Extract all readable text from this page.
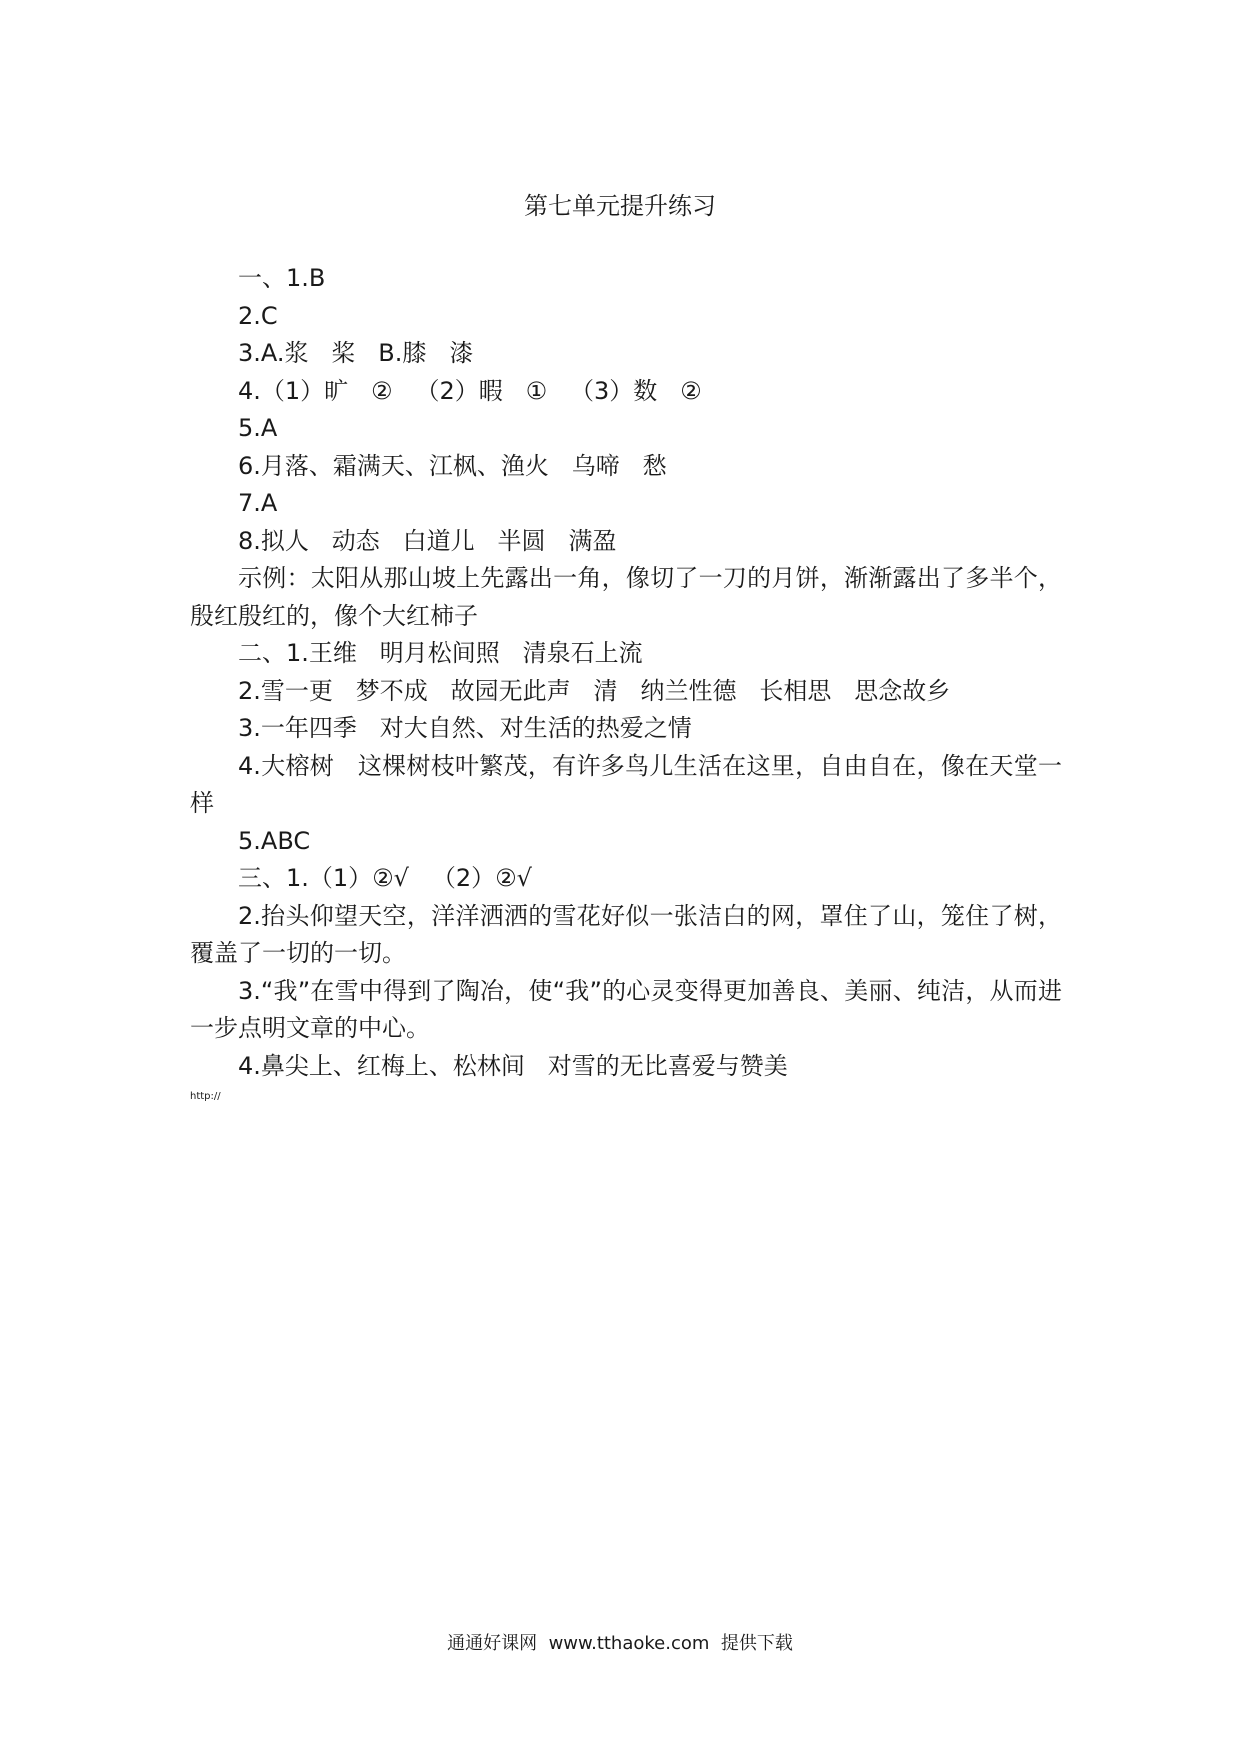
第七单元提升练习

一、1.B

2.C

3.A.浆   桨   B.膝   漆

4.（1）旷   ②   （2）暇   ①   （3）数   ②

5.A

6.月落、霜满天、江枫、渔火   乌啼   愁

7.A

8.拟人   动态   白道儿   半圆   满盈

示例：太阳从那山坡上先露出一角，像切了一刀的月饼，渐渐露出了多半个，殷红殷红的，像个大红柿子

二、1.王维   明月松间照   清泉石上流

2.雪一更   梦不成   故园无此声   清   纳兰性德   长相思   思念故乡

3.一年四季   对大自然、对生活的热爱之情

4.大榕树   这棵树枝叶繁茂，有许多鸟儿生活在这里，自由自在，像在天堂一样

5.ABC

三、1.（1）②√   （2）②√

2.抬头仰望天空，洋洋洒洒的雪花好似一张洁白的网，罩住了山，笼住了树，覆盖了一切的一切。

3.“我”在雪中得到了陶冶，使“我”的心灵变得更加善良、美丽、纯洁，从而进一步点明文章的中心。

4.鼻尖上、红梅上、松林间   对雪的无比喜爱与赞美

http://
通通好课网  www.tthaoke.com  提供下载
